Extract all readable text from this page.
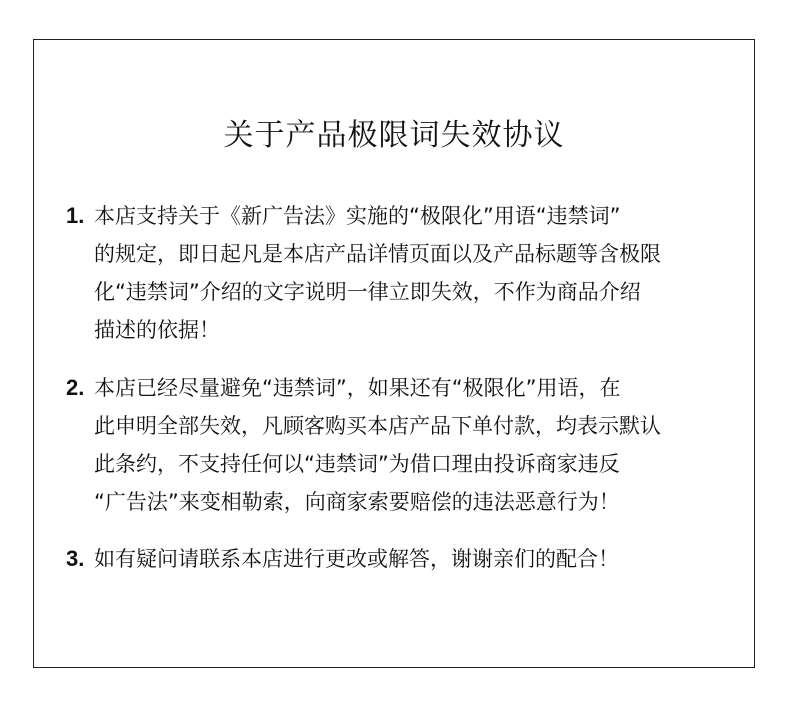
关于产品极限词失效协议
1. 本店支持关于《新广告法》实施的“极限化”用语“违禁词”
的规定，即日起凡是本店产品详情页面以及产品标题等含极限
化“违禁词”介绍的文字说明一律立即失效，不作为商品介绍
描述的依据！
2. 本店已经尽量避免“违禁词”，如果还有“极限化”用语，在
此申明全部失效，凡顾客购买本店产品下单付款，均表示默认
此条约，不支持任何以“违禁词”为借口理由投诉商家违反
“广告法”来变相勒索，向商家索要赔偿的违法恶意行为！
3. 如有疑问请联系本店进行更改或解答，谢谢亲们的配合！
